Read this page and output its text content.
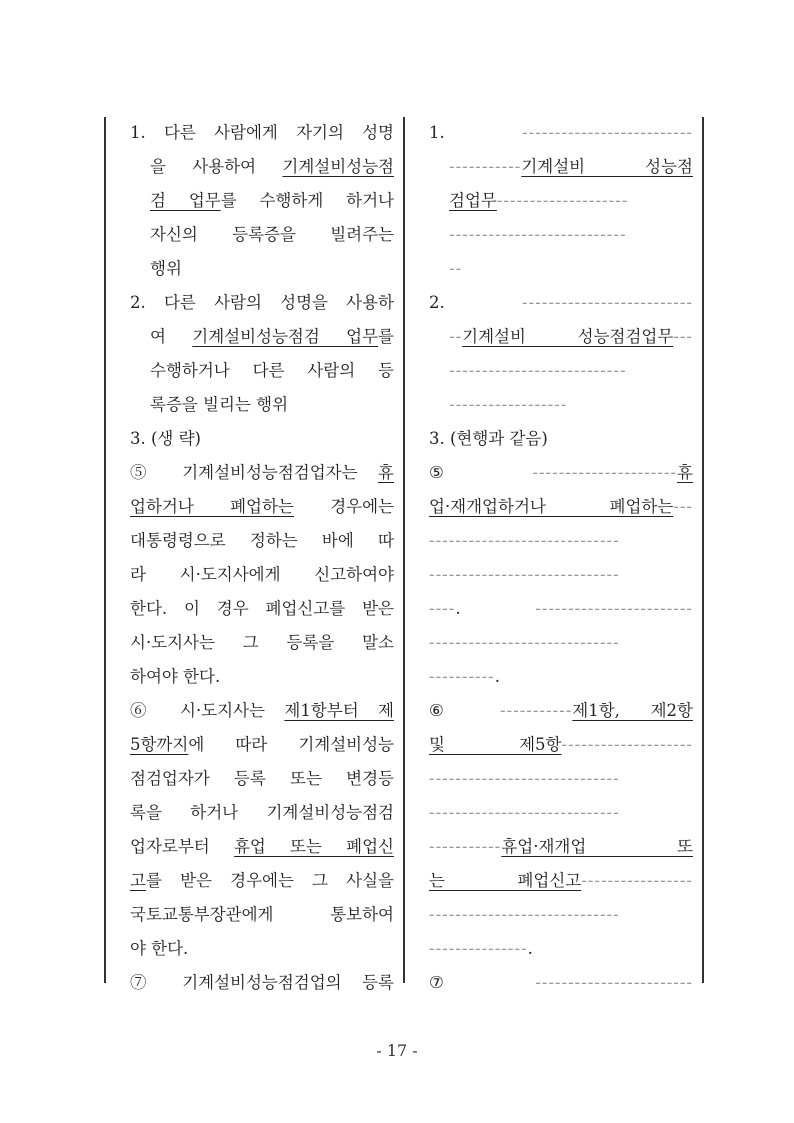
1. 다른 사람에게 자기의 성명
을 사용하여 기계설비성능점
검 업무를 수행하게 하거나
자신의 등록증을 빌려주는
행위
2. 다른 사람의 성명을 사용하
여 기계설비성능점검 업무를
수행하거나 다른 사람의 등
록증을 빌리는 행위
3. (생 략)
⑤ 기계설비성능점검업자는 휴
업하거나 폐업하는 경우에는
대통령령으로 정하는 바에 따
라 시·도지사에게 신고하여야
한다. 이 경우 폐업신고를 받은
시·도지사는 그 등록을 말소
하여야 한다.
⑥ 시·도지사는 제1항부터 제
5항까지에 따라 기계설비성능
점검업자가 등록 또는 변경등
록을 하거나 기계설비성능점검
업자로부터 휴업 또는 폐업신
고를 받은 경우에는 그 사실을
국토교통부장관에게 통보하여
야 한다.
⑦ 기계설비성능점검업의 등록
1. --------------------------
-----------기계설비 성능점
검업무--------------------
---------------------------
--
2. --------------------------
--기계설비 성능점검업무---
---------------------------
------------------
3. (현행과 같음)
⑤ ----------------------휴
업·재개업하거나 폐업하는---
-----------------------------
-----------------------------
----. ------------------------
-----------------------------
----------.
⑥ -----------제1항, 제2항
및 제5항--------------------
-----------------------------
-----------------------------
-----------휴업·재개업 또
는 폐업신고-----------------
-----------------------------
---------------.
⑦ ------------------------
- 17 -
